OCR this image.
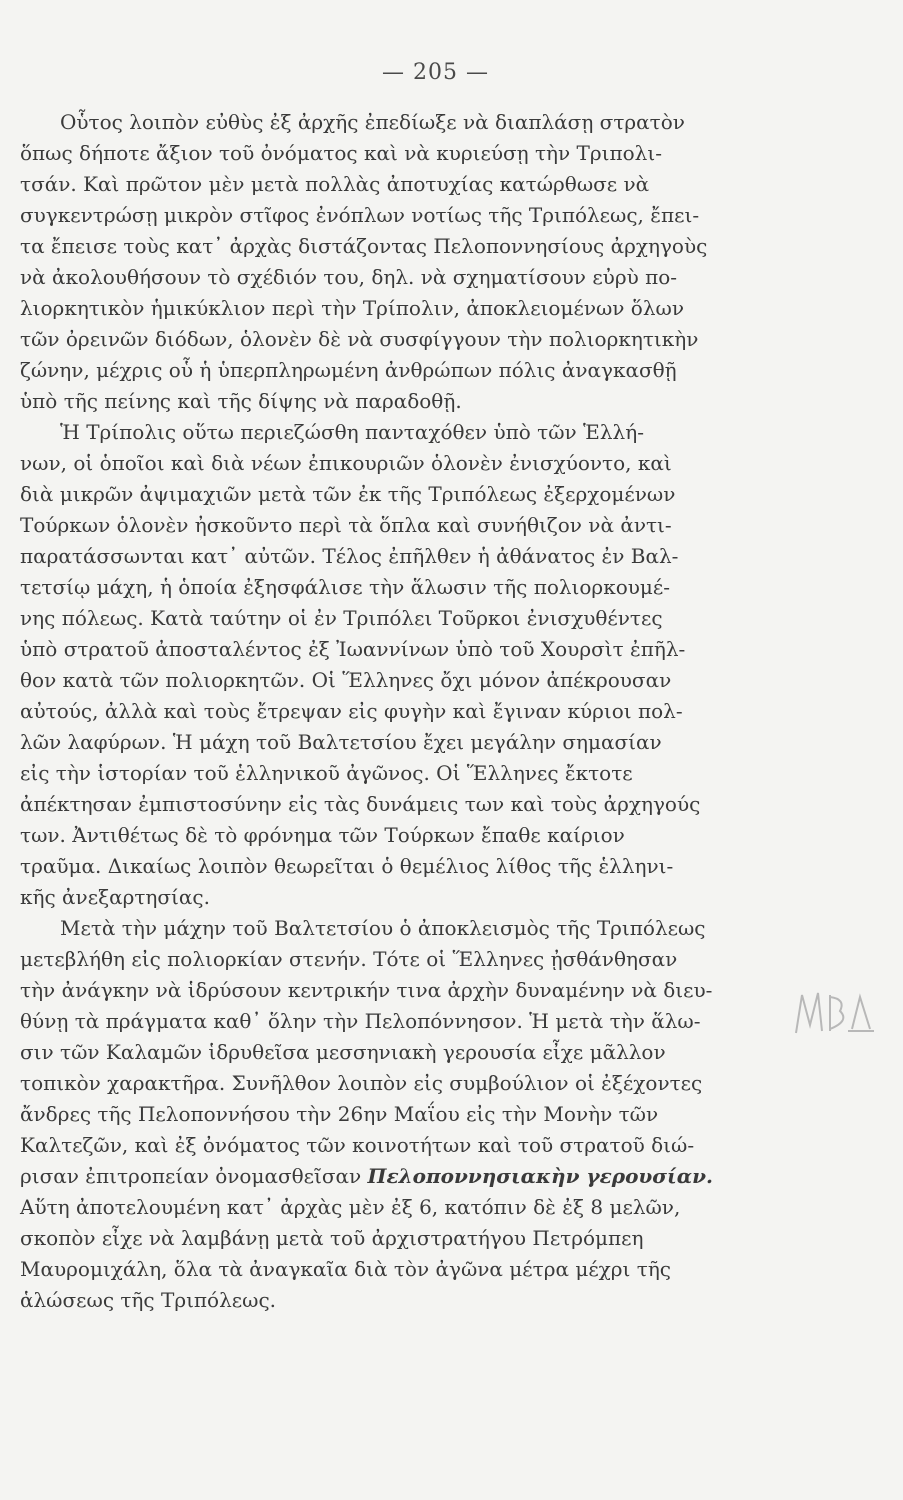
— 205 —

Οὗτος λοιπὸν εὐθὺς ἐξ ἀρχῆς ἐπεδίωξε νὰ διαπλάσῃ στρατὸν
ὅπως δήποτε ἄξιον τοῦ ὀνόματος καὶ νὰ κυριεύσῃ τὴν Τριπολι-
τσάν. Καὶ πρῶτον μὲν μετὰ πολλὰς ἀποτυχίας κατώρθωσε νὰ
συγκεντρώσῃ μικρὸν στῖφος ἐνόπλων νοτίως τῆς Τριπόλεως, ἔπει-
τα ἔπεισε τοὺς κατ᾽ ἀρχὰς διστάζοντας Πελοποννησίους ἀρχηγοὺς
νὰ ἀκολουθήσουν τὸ σχέδιόν του, δηλ. νὰ σχηματίσουν εὐρὺ πο-
λιορκητικὸν ἡμικύκλιον περὶ τὴν Τρίπολιν, ἀποκλειομένων ὅλων
τῶν ὀρεινῶν διόδων, ὁλονὲν δὲ νὰ συσφίγγουν τὴν πολιορκητικὴν
ζώνην, μέχρις οὗ ἡ ὑπερπληρωμένη ἀνθρώπων πόλις ἀναγκασθῇ
ὑπὸ τῆς πείνης καὶ τῆς δίψης νὰ παραδοθῇ.

Ἡ Τρίπολις οὕτω περιεζώσθη πανταχόθεν ὑπὸ τῶν Ἑλλή-
νων, οἱ ὁποῖοι καὶ διὰ νέων ἐπικουριῶν ὁλονὲν ἐνισχύοντο, καὶ
διὰ μικρῶν ἀψιμαχιῶν μετὰ τῶν ἐκ τῆς Τριπόλεως ἐξερχομένων
Τούρκων ὁλονὲν ἠσκοῦντο περὶ τὰ ὅπλα καὶ συνήθιζον νὰ ἀντι-
παρατάσσωνται κατ᾽ αὐτῶν. Τέλος ἐπῆλθεν ἡ ἀθάνατος ἐν Βαλ-
τετσίῳ μάχη, ἡ ὁποία ἐξησφάλισε τὴν ἅλωσιν τῆς πολιορκουμέ-
νης πόλεως. Κατὰ ταύτην οἱ ἐν Τριπόλει Τοῦρκοι ἐνισχυθέντες
ὑπὸ στρατοῦ ἀποσταλέντος ἐξ Ἰωαννίνων ὑπὸ τοῦ Χουρσὶτ ἐπῆλ-
θον κατὰ τῶν πολιορκητῶν. Οἱ Ἕλληνες ὄχι μόνον ἀπέκρουσαν
αὐτούς, ἀλλὰ καὶ τοὺς ἔτρεψαν εἰς φυγὴν καὶ ἔγιναν κύριοι πολ-
λῶν λαφύρων. Ἡ μάχη τοῦ Βαλτετσίου ἔχει μεγάλην σημασίαν
εἰς τὴν ἱστορίαν τοῦ ἑλληνικοῦ ἀγῶνος. Οἱ Ἕλληνες ἔκτοτε
ἀπέκτησαν ἐμπιστοσύνην εἰς τὰς δυνάμεις των καὶ τοὺς ἀρχηγούς
των. Ἀντιθέτως δὲ τὸ φρόνημα τῶν Τούρκων ἔπαθε καίριον
τραῦμα. Δικαίως λοιπὸν θεωρεῖται ὁ θεμέλιος λίθος τῆς ἑλληνι-
κῆς ἀνεξαρτησίας.

Μετὰ τὴν μάχην τοῦ Βαλτετσίου ὁ ἀποκλεισμὸς τῆς Τριπόλεως
μετεβλήθη εἰς πολιορκίαν στενήν. Τότε οἱ Ἕλληνες ᾐσθάνθησαν
τὴν ἀνάγκην νὰ ἱδρύσουν κεντρικήν τινα ἀρχὴν δυναμένην νὰ διευ-
θύνῃ τὰ πράγματα καθ᾽ ὅλην τὴν Πελοπόννησον. Ἡ μετὰ τὴν ἅλω-
σιν τῶν Καλαμῶν ἱδρυθεῖσα μεσσηνιακὴ γερουσία εἶχε μᾶλλον
τοπικὸν χαρακτῆρα. Συνῆλθον λοιπὸν εἰς συμβούλιον οἱ ἐξέχοντες
ἄνδρες τῆς Πελοποννήσου τὴν 26ην Μαΐου εἰς τὴν Μονὴν τῶν
Καλτεζῶν, καὶ ἐξ ὀνόματος τῶν κοινοτήτων καὶ τοῦ στρατοῦ διώ-
ρισαν ἐπιτροπείαν ὀνομασθεῖσαν Πελοποννησιακὴν γερουσίαν.
Αὕτη ἀποτελουμένη κατ᾽ ἀρχὰς μὲν ἐξ 6, κατόπιν δὲ ἐξ 8 μελῶν,
σκοπὸν εἶχε νὰ λαμβάνῃ μετὰ τοῦ ἀρχιστρατήγου Πετρόμπεη
Μαυρομιχάλη, ὅλα τὰ ἀναγκαῖα διὰ τὸν ἀγῶνα μέτρα μέχρι τῆς
ἁλώσεως τῆς Τριπόλεως.
